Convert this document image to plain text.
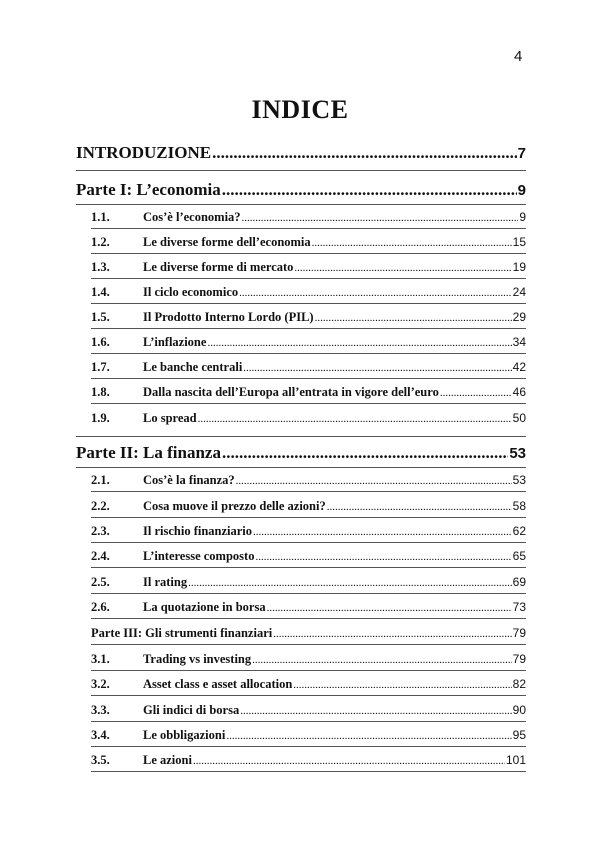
4
INDICE
INTRODUZIONE .....	7
Parte I: L’economia .....	9
1.1.	Cos’è l’economia? .....	9
1.2.	Le diverse forme dell’economia .....	15
1.3.	Le diverse forme di mercato .....	19
1.4.	Il ciclo economico .....	24
1.5.	Il Prodotto Interno Lordo (PIL) .....	29
1.6.	L’inflazione .....	34
1.7.	Le banche centrali .....	42
1.8.	Dalla nascita dell’Europa all’entrata in vigore dell’euro .....	46
1.9.	Lo spread .....	50
Parte II: La finanza .....	53
2.1.	Cos’è la finanza? .....	53
2.2.	Cosa muove il prezzo delle azioni? .....	58
2.3.	Il rischio finanziario .....	62
2.4.	L’interesse composto .....	65
2.5.	Il rating .....	69
2.6.	La quotazione in borsa .....	73
Parte III: Gli strumenti finanziari .....	79
3.1.	Trading vs investing .....	79
3.2.	Asset class e asset allocation .....	82
3.3.	Gli indici di borsa .....	90
3.4.	Le obbligazioni .....	95
3.5.	Le azioni .....	101
